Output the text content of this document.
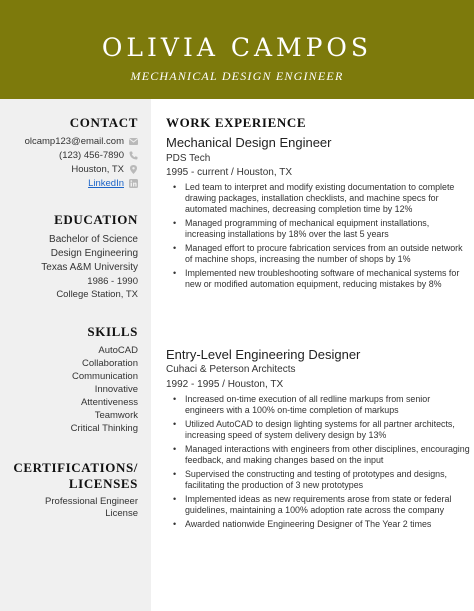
OLIVIA CAMPOS
MECHANICAL DESIGN ENGINEER
CONTACT
olcamp123@email.com
(123) 456-7890
Houston, TX
LinkedIn
EDUCATION
Bachelor of Science
Design Engineering
Texas A&M University
1986 - 1990
College Station, TX
SKILLS
AutoCAD
Collaboration
Communication
Innovative
Attentiveness
Teamwork
Critical Thinking
CERTIFICATIONS/
LICENSES
Professional Engineer
License
WORK EXPERIENCE
Mechanical Design Engineer
PDS Tech
1995 - current / Houston, TX
• Led team to interpret and modify existing documentation to complete drawing packages, installation checklists, and machine specs for automated machines, decreasing completion time by 12%
• Managed programming of mechanical equipment installations, increasing installations by 18% over the last 5 years
• Managed effort to procure fabrication services from an outside network of machine shops, increasing the number of shops by 1%
• Implemented new troubleshooting software of mechanical systems for new or modified automation equipment, reducing mistakes by 8%
Entry-Level Engineering Designer
Cuhaci & Peterson Architects
1992 - 1995 / Houston, TX
• Increased on-time execution of all redline markups from senior engineers with a 100% on-time completion of markups
• Utilized AutoCAD to design lighting systems for all partner architects, increasing speed of system delivery design by 13%
• Managed interactions with engineers from other disciplines, encouraging feedback, and making changes based on the input
• Supervised the constructing and testing of prototypes and designs, facilitating the production of 3 new prototypes
• Implemented ideas as new requirements arose from state or federal guidelines, maintaining a 100% adoption rate across the company
• Awarded nationwide Engineering Designer of The Year 2 times
